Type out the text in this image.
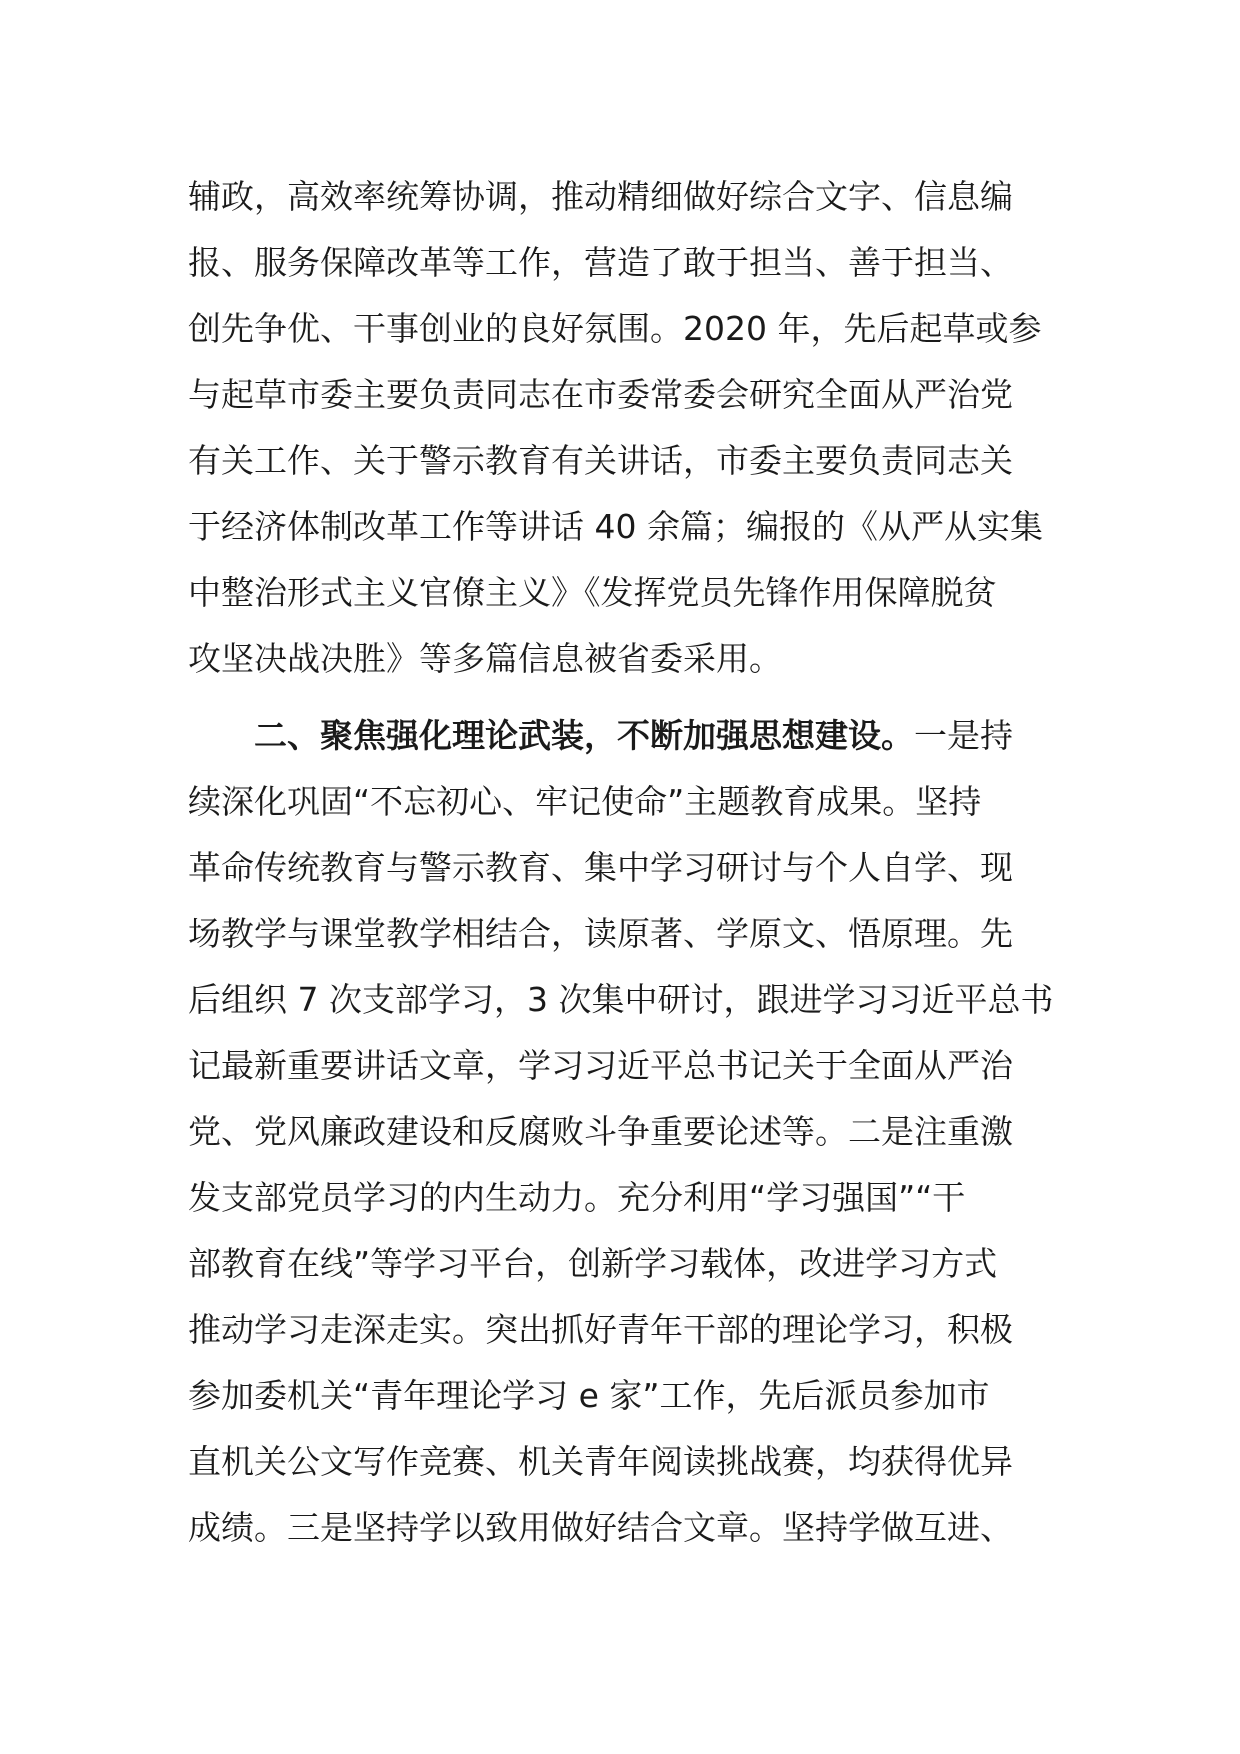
辅政，高效率统筹协调，推动精细做好综合文字、信息编
报、服务保障改革等工作，营造了敢于担当、善于担当、
创先争优、干事创业的良好氛围。2020 年，先后起草或参
与起草市委主要负责同志在市委常委会研究全面从严治党
有关工作、关于警示教育有关讲话，市委主要负责同志关
于经济体制改革工作等讲话 40 余篇；编报的《从严从实集
中整治形式主义官僚主义》《发挥党员先锋作用保障脱贫
攻坚决战决胜》等多篇信息被省委采用。
二、聚焦强化理论武装，不断加强思想建设。一是持
续深化巩固“不忘初心、牢记使命”主题教育成果。坚持
革命传统教育与警示教育、集中学习研讨与个人自学、现
场教学与课堂教学相结合，读原著、学原文、悟原理。先
后组织 7 次支部学习，3 次集中研讨，跟进学习习近平总书
记最新重要讲话文章，学习习近平总书记关于全面从严治
党、党风廉政建设和反腐败斗争重要论述等。二是注重激
发支部党员学习的内生动力。充分利用“学习强国”“干
部教育在线”等学习平台，创新学习载体，改进学习方式
推动学习走深走实。突出抓好青年干部的理论学习，积极
参加委机关“青年理论学习 e 家”工作，先后派员参加市
直机关公文写作竞赛、机关青年阅读挑战赛，均获得优异
成绩。三是坚持学以致用做好结合文章。坚持学做互进、
